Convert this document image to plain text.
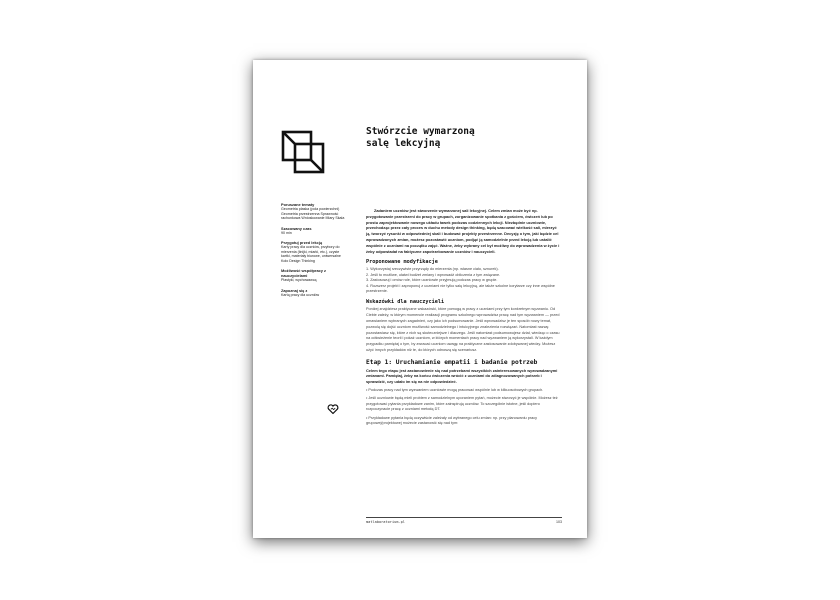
Stwórzcie wymarzoną salę lekcyjną
Poruszane tematy
Geometria płaska (pola powierzchni) Geometria przestrzenna Sprawność rachunkowa Wnioskowanie Miary Skala
Szacowany czas
90 min
Przygotuj przed lekcją
Karty pracy dla uczniów, przybory do mierzenia (linijki, miarki, etc.), czyste kartki, materiały biurowe, uniwersalne Koło Design Thinking
Możliwość współpracy z nauczycielami
Plastyki, wychowawcą
Zapoznaj się z
Kartą pracy dla uczniów

Zadaniem uczniów jest stworzenie wymarzonej sali lekcyjnej. Celem zmian może być np. przygotowanie przestrzeni do pracy w grupach, zorganizowanie spotkania z gościem, ćwiczeń lub po prostu zaprojektowanie nowego układu ławek podczas codziennych lekcji. Niezbędnie uczniowie, przechodząc przez cały proces w duchu metody design thinking, będą szacować wielkość sali, mierzyć ją, tworzyć rysunki w odpowiedniej skali i budować projekty przestrzenne. Decyzję o tym, jaki będzie cel wprowadzonych zmian, możesz pozostawić uczniom, podjąć ją samodzielnie przed lekcją lub ustalić wspólnie z uczniami na początku zajęć. Ważne, żeby wybrany cel był możliwy do wprowadzenia w życie i żeby odpowiadał na faktyczne zapotrzebowanie uczniów i nauczycieli.

Proponowane modyfikacje
1. Wykorzystaj rzeczywiste przyrządy do mierzenia (np. własne ciało, sznurek).
2. Jeśli to możliwe, ułatwi budżet zmiany i wprowadź obliczenia z tym związane.
3. Zastosowuj i omów role, które uczniowie przyjmują podczas pracy w grupie.
4. Rozszerz projekt i zaproponuj z uczniami nie tylko salę lekcyjną, ale także szkolne korytarze czy inne wspólne przestrzenie.
Wskazówki dla nauczycieli

Poniżej znajdziesz praktyczne wskazówki, które pomogą w pracy z uczniami przy tym konkretnym wyzwaniu. Od Ciebie zależy, w którym momencie realizacji programu szkolnego wprowadzisz pracę nad tym wyzwaniem — przed omawianiem wybranych zagadnień, czy jako ich podsumowanie. Jeśli wprowadzisz je ten sposób nowy temat, pozwolą się dojść uczniom możliwość samodzielnego i intuicyjnego znalezienia rozwiązań. Natomiast nazwę pozostawiasz się, które z nich są skuteczniejsze i dlaczego. Jeśli natomiast podsumowujesz dział, wiedząc o czasu na odświeżenie teorii i pokaż uczniom, w których momentach pracy nad wyzwaniem ją wykorzystali. W każdym przypadku pamiętaj o tym, by zwracać uczniom uwagę na praktyczne zastosowanie zdobywanej wiedzy. Możesz użyć innych przykładów niż te, do których odnoszą się scenariusz.

Etap 1: Uruchamianie empatii i badanie potrzeb

Celem tego etapu jest zastanowienie się nad potrzebami wszystkich zainteresowanych wprowadzanymi zmianami. Pamiętaj, żeby na końcu ćwiczenia wrócić z uczniami do zdiagnozowanych potrzeb i sprawdzić, czy udało im się na nie odpowiedzieć.

• Podczas pracy nad tym wyzwaniem uczniowie mogą pracować wspólnie lub w kilkuosobowych grupach.

• Jeśli uczniowie będą mieli problem z samodzielnym uporaniem pytań, możecie stworzyć je wspólnie. Możesz też przygotować pytania przykładowe zanim, które zainspirują uczniów. To szczególnie istotne, jeśli dopiero rozpoczynacie pracę z uczniami metodą DT.

• Przykładowe pytania będą oczywiście zależały od wybranego celu zmian: np. przy planowaniu pracy grupowej/projektowej możecie zastanowić się nad tym:

matlaboratorium.pl	103
